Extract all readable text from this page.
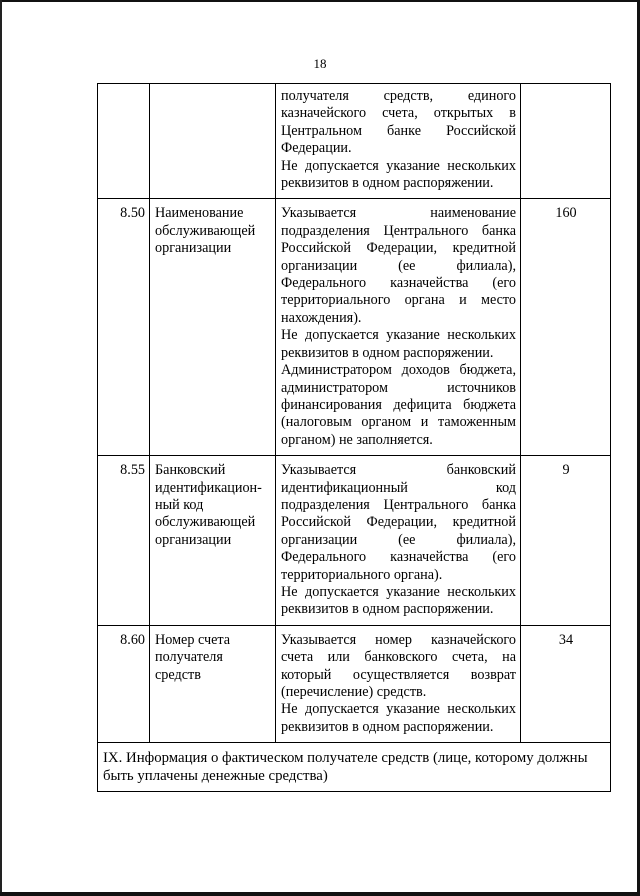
18

		получателя средств, единого казначейского счета, открытых в Центральном банке Российской Федерации.

Не допускается указание нескольких реквизитов в одном распоряжении.	

8.50	Наименование обслуживающей организации	Указывается наименование подразделения Центрального банка Российской Федерации, кредитной организации (ее филиала), Федерального казначейства (его территориального органа и место нахождения).

Не допускается указание нескольких реквизитов в одном распоряжении.

Администратором доходов бюджета, администратором источников финансирования дефицита бюджета (налоговым органом и таможенным органом) не заполняется.	160
8.55	Банковский идентификацион-ный код обслуживающей организации	Указывается банковский идентификационный код подразделения Центрального банка Российской Федерации, кредитной организации (ее филиала), Федерального казначейства (его территориального органа).

Не допускается указание нескольких реквизитов в одном распоряжении.	9
8.60	Номер счета получателя средств	Указывается номер казначейского счета или банковского счета, на который осуществляется возврат (перечисление) средств.

Не допускается указание нескольких реквизитов в одном распоряжении.	34
IX. Информация о фактическом получателе средств (лице, которому должны быть уплачены денежные средства)			
